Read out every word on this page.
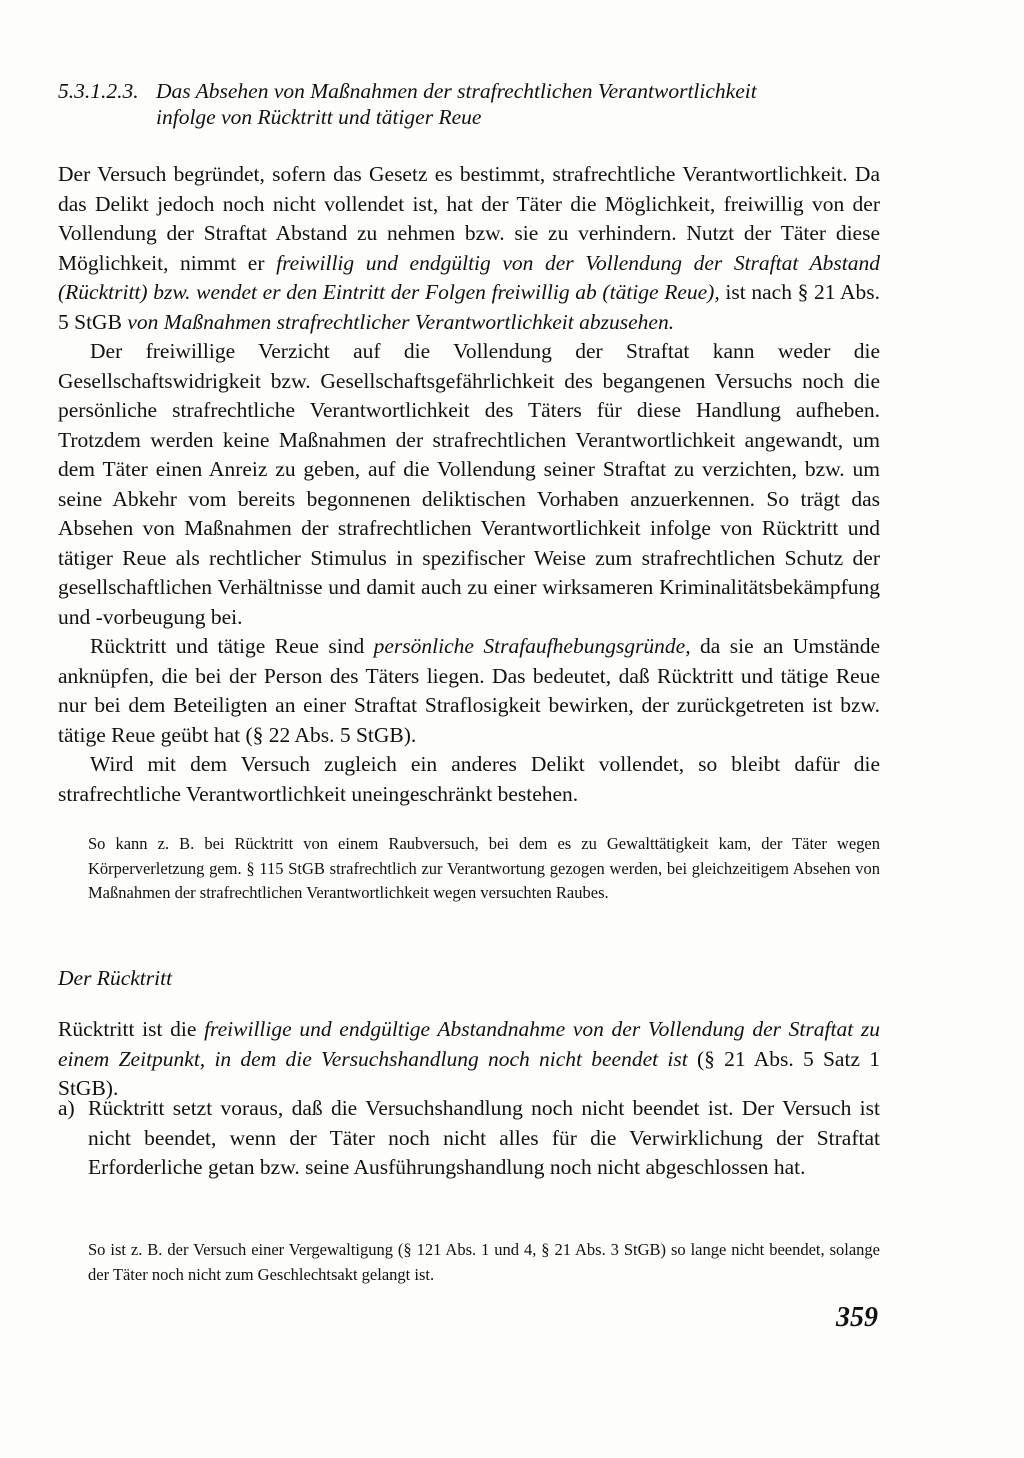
5.3.1.2.3. Das Absehen von Maßnahmen der strafrechtlichen Verantwortlichkeit
infolge von Rücktritt und tätiger Reue

Der Versuch begründet, sofern das Gesetz es bestimmt, strafrechtliche Verantwortlichkeit. Da das Delikt jedoch noch nicht vollendet ist, hat der Täter die Möglichkeit, freiwillig von der Vollendung der Straftat Abstand zu nehmen bzw. sie zu verhindern. Nutzt der Täter diese Möglichkeit, nimmt er freiwillig und endgültig von der Vollendung der Straftat Abstand (Rücktritt) bzw. wendet er den Eintritt der Folgen freiwillig ab (tätige Reue), ist nach § 21 Abs. 5 StGB von Maßnahmen strafrechtlicher Verantwortlichkeit abzusehen.

Der freiwillige Verzicht auf die Vollendung der Straftat kann weder die Gesellschaftswidrigkeit bzw. Gesellschaftsgefährlichkeit des begangenen Versuchs noch die persönliche strafrechtliche Verantwortlichkeit des Täters für diese Handlung aufheben. Trotzdem werden keine Maßnahmen der strafrechtlichen Verantwortlichkeit angewandt, um dem Täter einen Anreiz zu geben, auf die Vollendung seiner Straftat zu verzichten, bzw. um seine Abkehr vom bereits begonnenen deliktischen Vorhaben anzuerkennen. So trägt das Absehen von Maßnahmen der strafrechtlichen Verantwortlichkeit infolge von Rücktritt und tätiger Reue als rechtlicher Stimulus in spezifischer Weise zum strafrechtlichen Schutz der gesellschaftlichen Verhältnisse und damit auch zu einer wirksameren Kriminalitätsbekämpfung und -vorbeugung bei.

Rücktritt und tätige Reue sind persönliche Strafaufhebungsgründe, da sie an Umstände anknüpfen, die bei der Person des Täters liegen. Das bedeutet, daß Rücktritt und tätige Reue nur bei dem Beteiligten an einer Straftat Straflosigkeit bewirken, der zurückgetreten ist bzw. tätige Reue geübt hat (§ 22 Abs. 5 StGB).

Wird mit dem Versuch zugleich ein anderes Delikt vollendet, so bleibt dafür die strafrechtliche Verantwortlichkeit uneingeschränkt bestehen.

So kann z. B. bei Rücktritt von einem Raubversuch, bei dem es zu Gewalttätigkeit kam, der Täter wegen Körperverletzung gem. § 115 StGB strafrechtlich zur Verantwortung gezogen werden, bei gleichzeitigem Absehen von Maßnahmen der strafrechtlichen Verantwortlichkeit wegen versuchten Raubes.

Der Rücktritt

Rücktritt ist die freiwillige und endgültige Abstandnahme von der Vollendung der Straftat zu einem Zeitpunkt, in dem die Versuchshandlung noch nicht beendet ist (§ 21 Abs. 5 Satz 1 StGB).

a) Rücktritt setzt voraus, daß die Versuchshandlung noch nicht beendet ist. Der Versuch ist nicht beendet, wenn der Täter noch nicht alles für die Verwirklichung der Straftat Erforderliche getan bzw. seine Ausführungshandlung noch nicht abgeschlossen hat.

So ist z. B. der Versuch einer Vergewaltigung (§ 121 Abs. 1 und 4, § 21 Abs. 3 StGB) so lange nicht beendet, solange der Täter noch nicht zum Geschlechtsakt gelangt ist.

359
